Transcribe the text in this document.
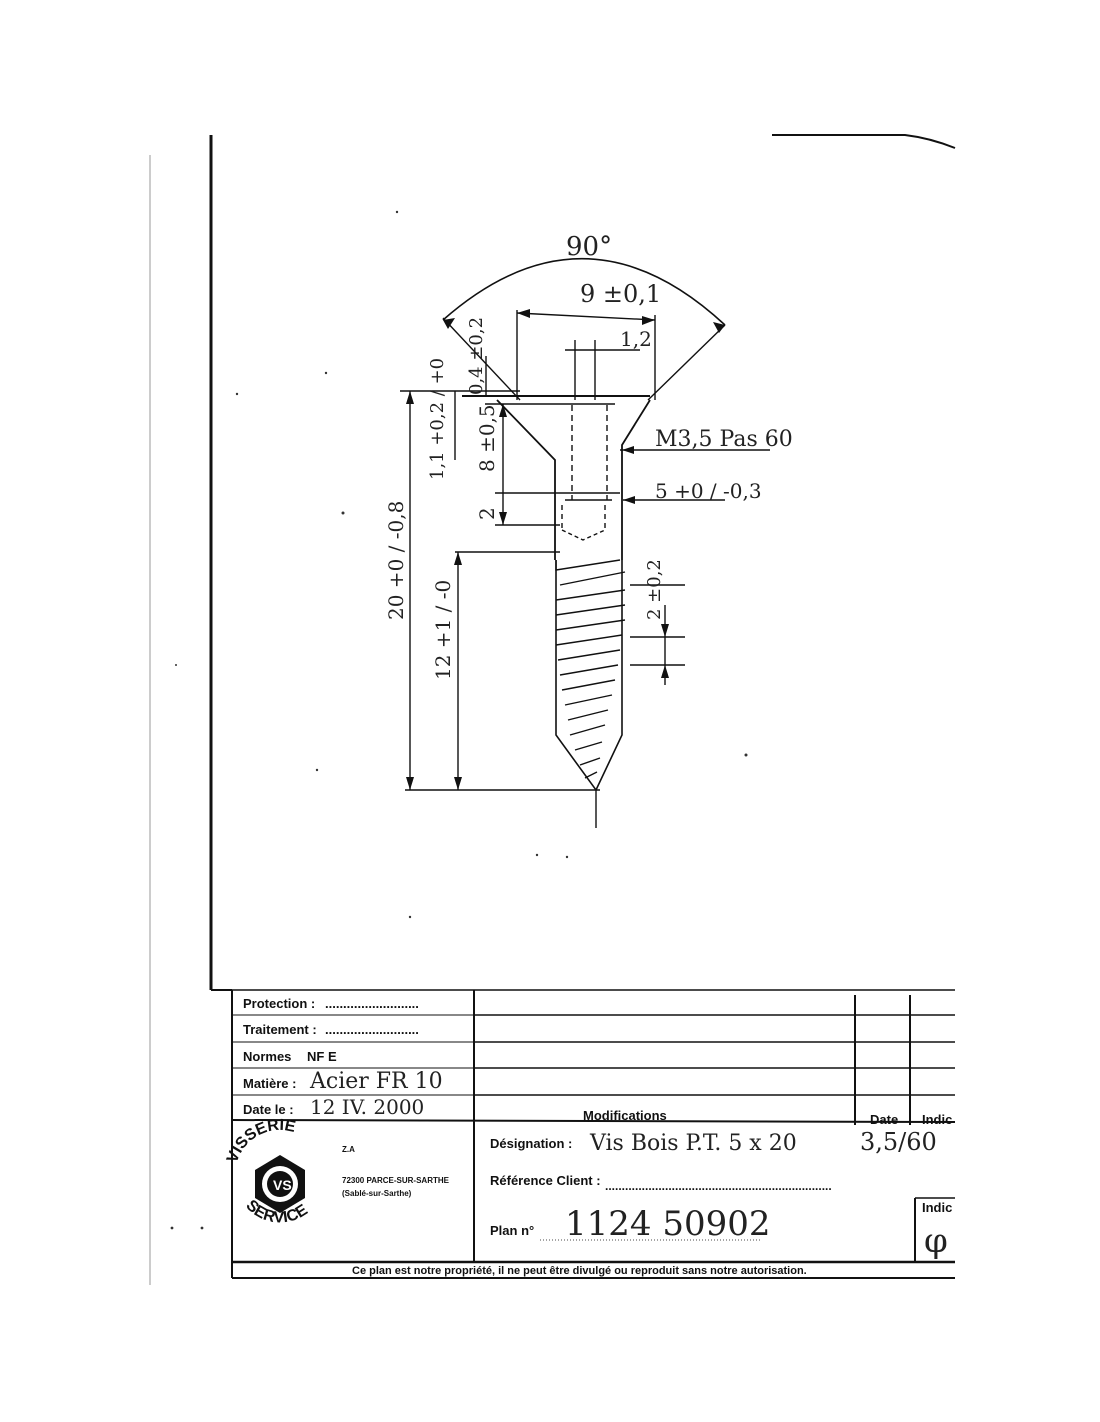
90°
9 ±0,1
1,2
0,4 ±0,2
1,1 +0,2 / +0 8 ±0,5	M3,5 Pas 60
5 +0 / -0,3
2
20 +0 / -0,8
12 +1 / -0	2 ±0,2
Protection : ..........................
Traitement : ..........................
Normes NF E
Matière : Acier FR 10
Date le : 12 IV. 2000	Modifications	Date Indic
Désignation : Vis Bois P.T. 5 x 20	3,5/60
Référence Client : ....................................................................
Plan n° 1124 50902	Indic
φ
VS
VISSERIE
SERVICE
Z.A
72300 PARCE-SUR-SARTHE
(Sablé-sur-Sarthe)
Ce plan est notre propriété, il ne peut être divulgé ou reproduit sans notre autorisation.
